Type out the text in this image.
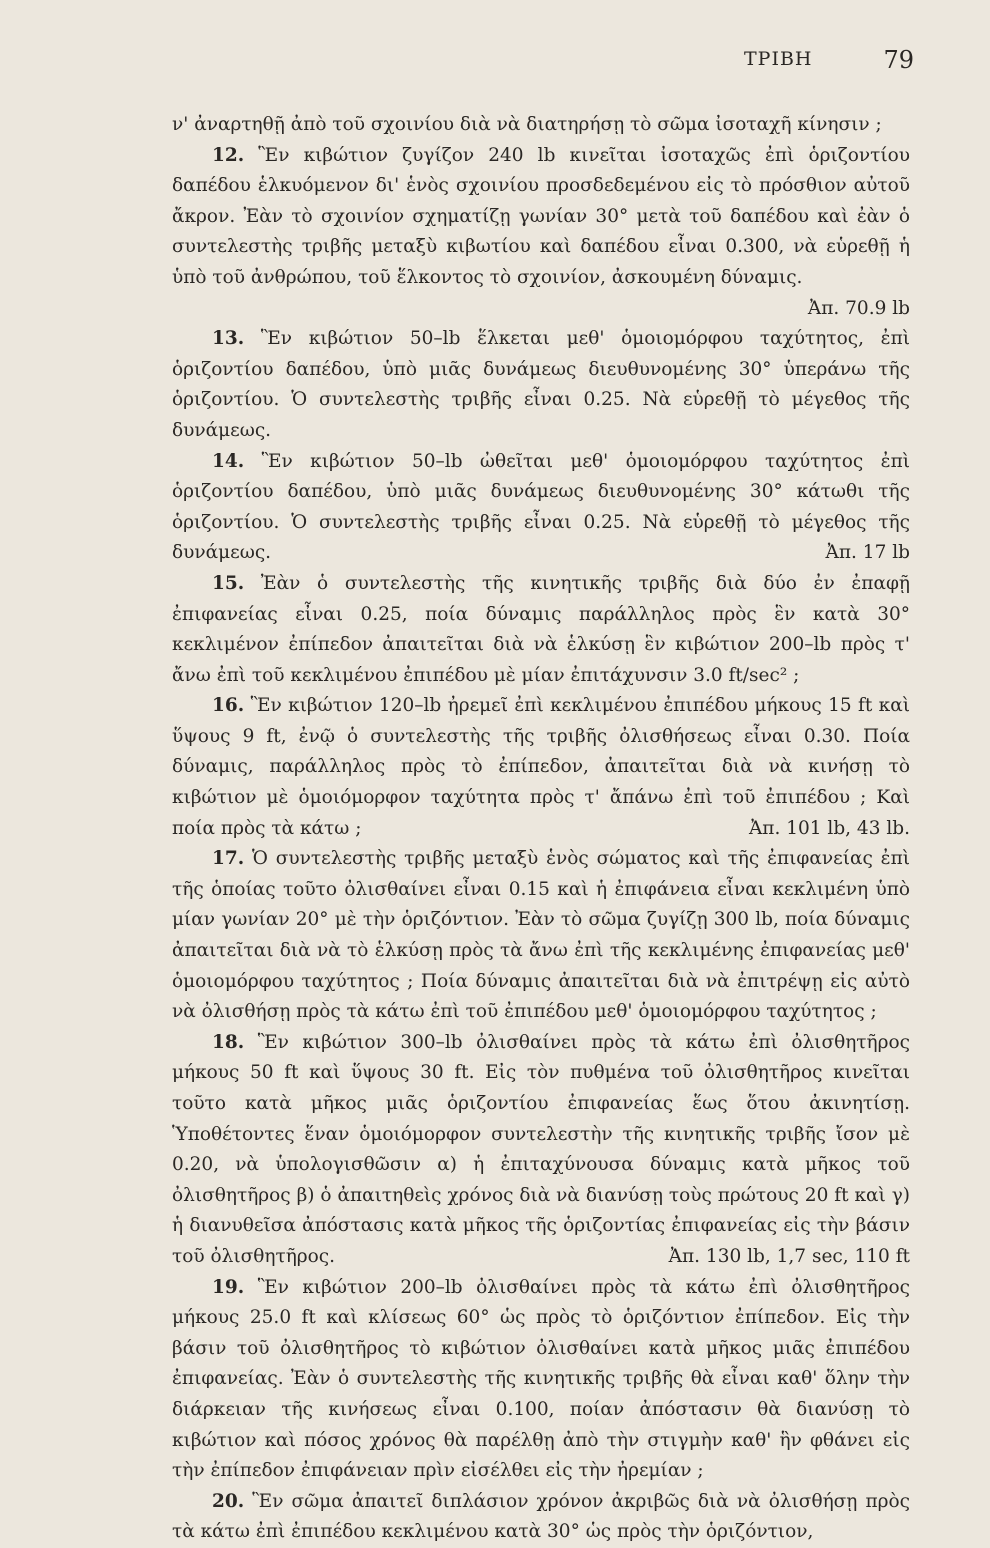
ΤΡΙΒΗ	79

ν' ἀναρτηθῇ ἀπὸ τοῦ σχοινίου διὰ νὰ διατηρήσῃ τὸ σῶμα ἰσοταχῆ κίνησιν ;

12. Ἓν κιβώτιον ζυγίζον 240 lb κινεῖται ἰσοταχῶς ἐπὶ ὁριζοντίου δαπέδου ἑλκυόμενον δι' ἑνὸς σχοινίου προσδεδεμένου εἰς τὸ πρόσθιον αὐτοῦ ἄκρον. Ἐὰν τὸ σχοινίον σχηματίζῃ γωνίαν 30° μετὰ τοῦ δαπέδου καὶ ἐὰν ὁ συντελεστὴς τριβῆς μεταξὺ κιβωτίου καὶ δαπέδου εἶναι 0.300, νὰ εὑρεθῇ ἡ ὑπὸ τοῦ ἀνθρώπου, τοῦ ἕλκοντος τὸ σχοινίον, ἀσκουμένη δύναμις.
Ἀπ. 70.9 lb

13. Ἓν κιβώτιον 50–lb ἕλκεται μεθ' ὁμοιομόρφου ταχύτητος, ἐπὶ ὁριζοντίου δαπέδου, ὑπὸ μιᾶς δυνάμεως διευθυνομένης 30° ὑπεράνω τῆς ὁριζοντίου. Ὁ συντελεστὴς τριβῆς εἶναι 0.25. Νὰ εὑρεθῇ τὸ μέγεθος τῆς δυνάμεως.

14. Ἓν κιβώτιον 50–lb ὠθεῖται μεθ' ὁμοιομόρφου ταχύτητος ἐπὶ ὁριζοντίου δαπέδου, ὑπὸ μιᾶς δυνάμεως διευθυνομένης 30° κάτωθι τῆς ὁριζοντίου. Ὁ συντελεστὴς τριβῆς εἶναι 0.25. Νὰ εὑρεθῇ τὸ μέγεθος τῆς δυνάμεως.	Ἀπ. 17 lb

15. Ἐὰν ὁ συντελεστὴς τῆς κινητικῆς τριβῆς διὰ δύο ἐν ἐπαφῇ ἐπιφανείας εἶναι 0.25, ποία δύναμις παράλληλος πρὸς ἓν κατὰ 30° κεκλιμένον ἐπίπεδον ἀπαιτεῖται διὰ νὰ ἑλκύσῃ ἓν κιβώτιον 200–lb πρὸς τ' ἄνω ἐπὶ τοῦ κεκλιμένου ἐπιπέδου μὲ μίαν ἐπιτάχυνσιν 3.0 ft/sec² ;

16. Ἓν κιβώτιον 120–lb ἠρεμεῖ ἐπὶ κεκλιμένου ἐπιπέδου μήκους 15 ft καὶ ὕψους 9 ft, ἐνῷ ὁ συντελεστὴς τῆς τριβῆς ὀλισθήσεως εἶναι 0.30. Ποία δύναμις, παράλληλος πρὸς τὸ ἐπίπεδον, ἀπαιτεῖται διὰ νὰ κινήσῃ τὸ κιβώτιον μὲ ὁμοιόμορφον ταχύτητα πρὸς τ' ἄπάνω ἐπὶ τοῦ ἐπιπέδου ; Καὶ ποία πρὸς τὰ κάτω ;	Ἀπ. 101 lb, 43 lb.

17. Ὁ συντελεστὴς τριβῆς μεταξὺ ἑνὸς σώματος καὶ τῆς ἐπιφανείας ἐπὶ τῆς ὁποίας τοῦτο ὀλισθαίνει εἶναι 0.15 καὶ ἡ ἐπιφάνεια εἶναι κεκλιμένη ὑπὸ μίαν γωνίαν 20° μὲ τὴν ὁριζόντιον. Ἐὰν τὸ σῶμα ζυγίζῃ 300 lb, ποία δύναμις ἀπαιτεῖται διὰ νὰ τὸ ἑλκύσῃ πρὸς τὰ ἄνω ἐπὶ τῆς κεκλιμένης ἐπιφανείας μεθ' ὁμοιομόρφου ταχύτητος ; Ποία δύναμις ἀπαιτεῖται διὰ νὰ ἐπιτρέψῃ εἰς αὐτὸ νὰ ὀλισθήσῃ πρὸς τὰ κάτω ἐπὶ τοῦ ἐπιπέδου μεθ' ὁμοιομόρφου ταχύτητος ;

18. Ἓν κιβώτιον 300–lb ὀλισθαίνει πρὸς τὰ κάτω ἐπὶ ὀλισθητῆρος μήκους 50 ft καὶ ὕψους 30 ft. Εἰς τὸν πυθμένα τοῦ ὀλισθητῆρος κινεῖται τοῦτο κατὰ μῆκος μιᾶς ὁριζοντίου ἐπιφανείας ἕως ὅτου ἀκινητίσῃ. Ὑποθέτοντες ἕναν ὁμοιόμορφον συντελεστὴν τῆς κινητικῆς τριβῆς ἴσον μὲ 0.20, νὰ ὑπολογισθῶσιν α) ἡ ἐπιταχύνουσα δύναμις κατὰ μῆκος τοῦ ὀλισθητῆρος β) ὁ ἀπαιτηθεὶς χρόνος διὰ νὰ διανύσῃ τοὺς πρώτους 20 ft καὶ γ) ἡ διανυθεῖσα ἀπόστασις κατὰ μῆκος τῆς ὁριζοντίας ἐπιφανείας εἰς τὴν βάσιν τοῦ ὀλισθητῆρος.	Ἀπ. 130 lb, 1,7 sec, 110 ft

19. Ἓν κιβώτιον 200–lb ὀλισθαίνει πρὸς τὰ κάτω ἐπὶ ὀλισθητῆρος μήκους 25.0 ft καὶ κλίσεως 60° ὡς πρὸς τὸ ὁριζόντιον ἐπίπεδον. Εἰς τὴν βάσιν τοῦ ὀλισθητῆρος τὸ κιβώτιον ὀλισθαίνει κατὰ μῆκος μιᾶς ἐπιπέδου ἐπιφανείας. Ἐὰν ὁ συντελεστὴς τῆς κινητικῆς τριβῆς θὰ εἶναι καθ' ὅλην τὴν διάρκειαν τῆς κινήσεως εἶναι 0.100, ποίαν ἀπόστασιν θὰ διανύσῃ τὸ κιβώτιον καὶ πόσος χρόνος θὰ παρέλθῃ ἀπὸ τὴν στιγμὴν καθ' ἣν φθάνει εἰς τὴν ἐπίπεδον ἐπιφάνειαν πρὶν εἰσέλθει εἰς τὴν ἠρεμίαν ;

20. Ἓν σῶμα ἀπαιτεῖ διπλάσιον χρόνον ἀκριβῶς διὰ νὰ ὀλισθήσῃ πρὸς τὰ κάτω ἐπὶ ἐπιπέδου κεκλιμένου κατὰ 30° ὡς πρὸς τὴν ὁριζόντιον,
